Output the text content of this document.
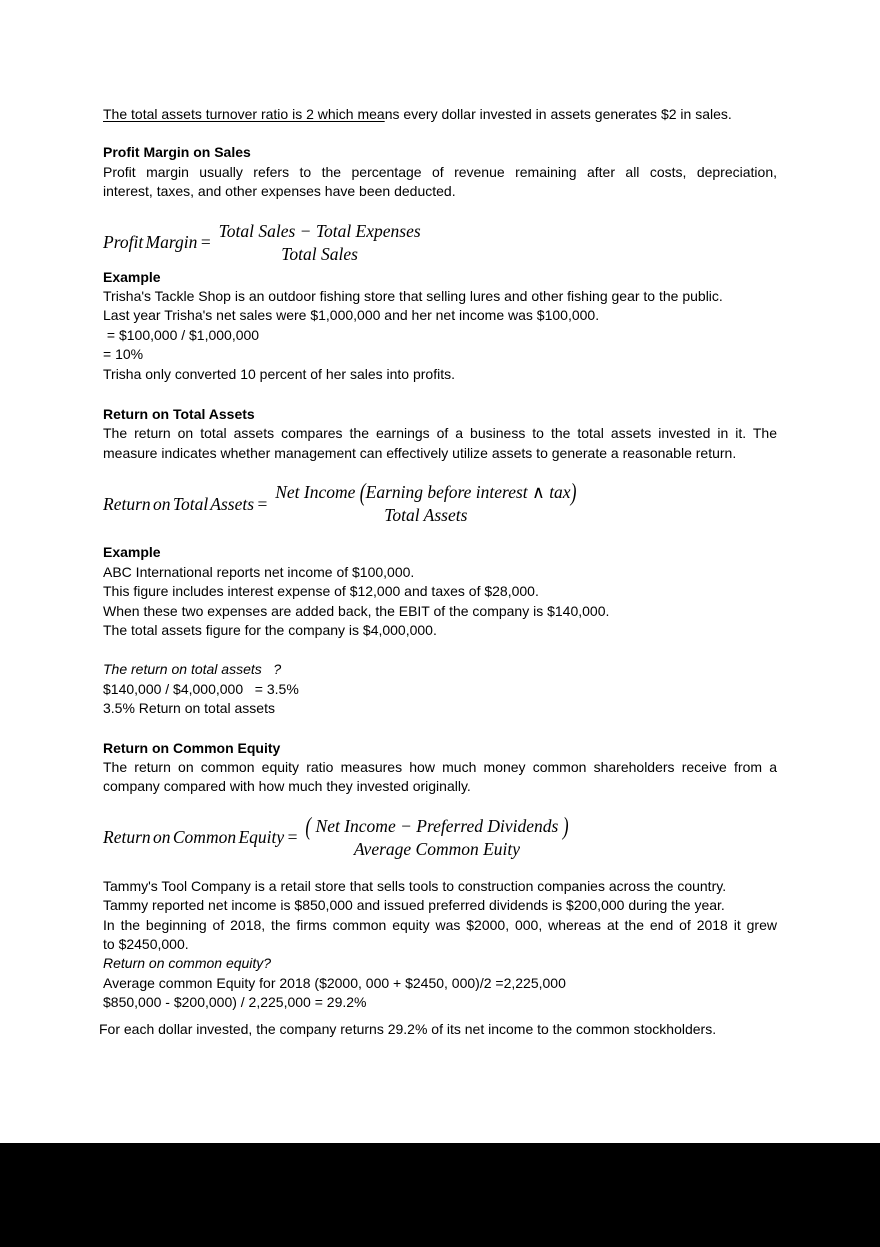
The total assets turnover ratio is 2 which means every dollar invested in assets generates $2 in sales.
Profit Margin on Sales
Profit margin usually refers to the percentage of revenue remaining after all costs, depreciation,
interest, taxes, and other expenses have been deducted.
Profit Margin =
Total Sales − Total Expenses
Total Sales
Example
Trisha's Tackle Shop is an outdoor fishing store that selling lures and other fishing gear to the public.
Last year Trisha's net sales were $1,000,000 and her net income was $100,000.
= $100,000 / $1,000,000
= 10%
Trisha only converted 10 percent of her sales into profits.
Return on Total Assets
The return on total assets compares the earnings of a business to the total assets invested in it. The
measure indicates whether management can effectively utilize assets to generate a reasonable return.
Return on Total Assets =
Net Income (Earning before interest ∧ tax)
Total Assets
Example
ABC International reports net income of $100,000.
This figure includes interest expense of $12,000 and taxes of $28,000.
When these two expenses are added back, the EBIT of the company is $140,000.
The total assets figure for the company is $4,000,000.
The return on total assets   ?
$140,000 / $4,000,000   = 3.5%
3.5% Return on total assets
Return on Common Equity
The return on common equity ratio measures how much money common shareholders receive from a
company compared with how much they invested originally.
Return on Common Equity = ( Net Income − Preferred Dividends )
Average Common Euity
Tammy's Tool Company is a retail store that sells tools to construction companies across the country.
Tammy reported net income is $850,000 and issued preferred dividends is $200,000 during the year.
In the beginning of 2018, the firms common equity was $2000, 000, whereas at the end of 2018 it grew
to $2450,000.
Return on common equity?
Average common Equity for 2018 ($2000, 000 + $2450, 000)/2 =2,225,000
$850,000 - $200,000) / 2,225,000 = 29.2%
For each dollar invested, the company returns 29.2% of its net income to the common stockholders.
